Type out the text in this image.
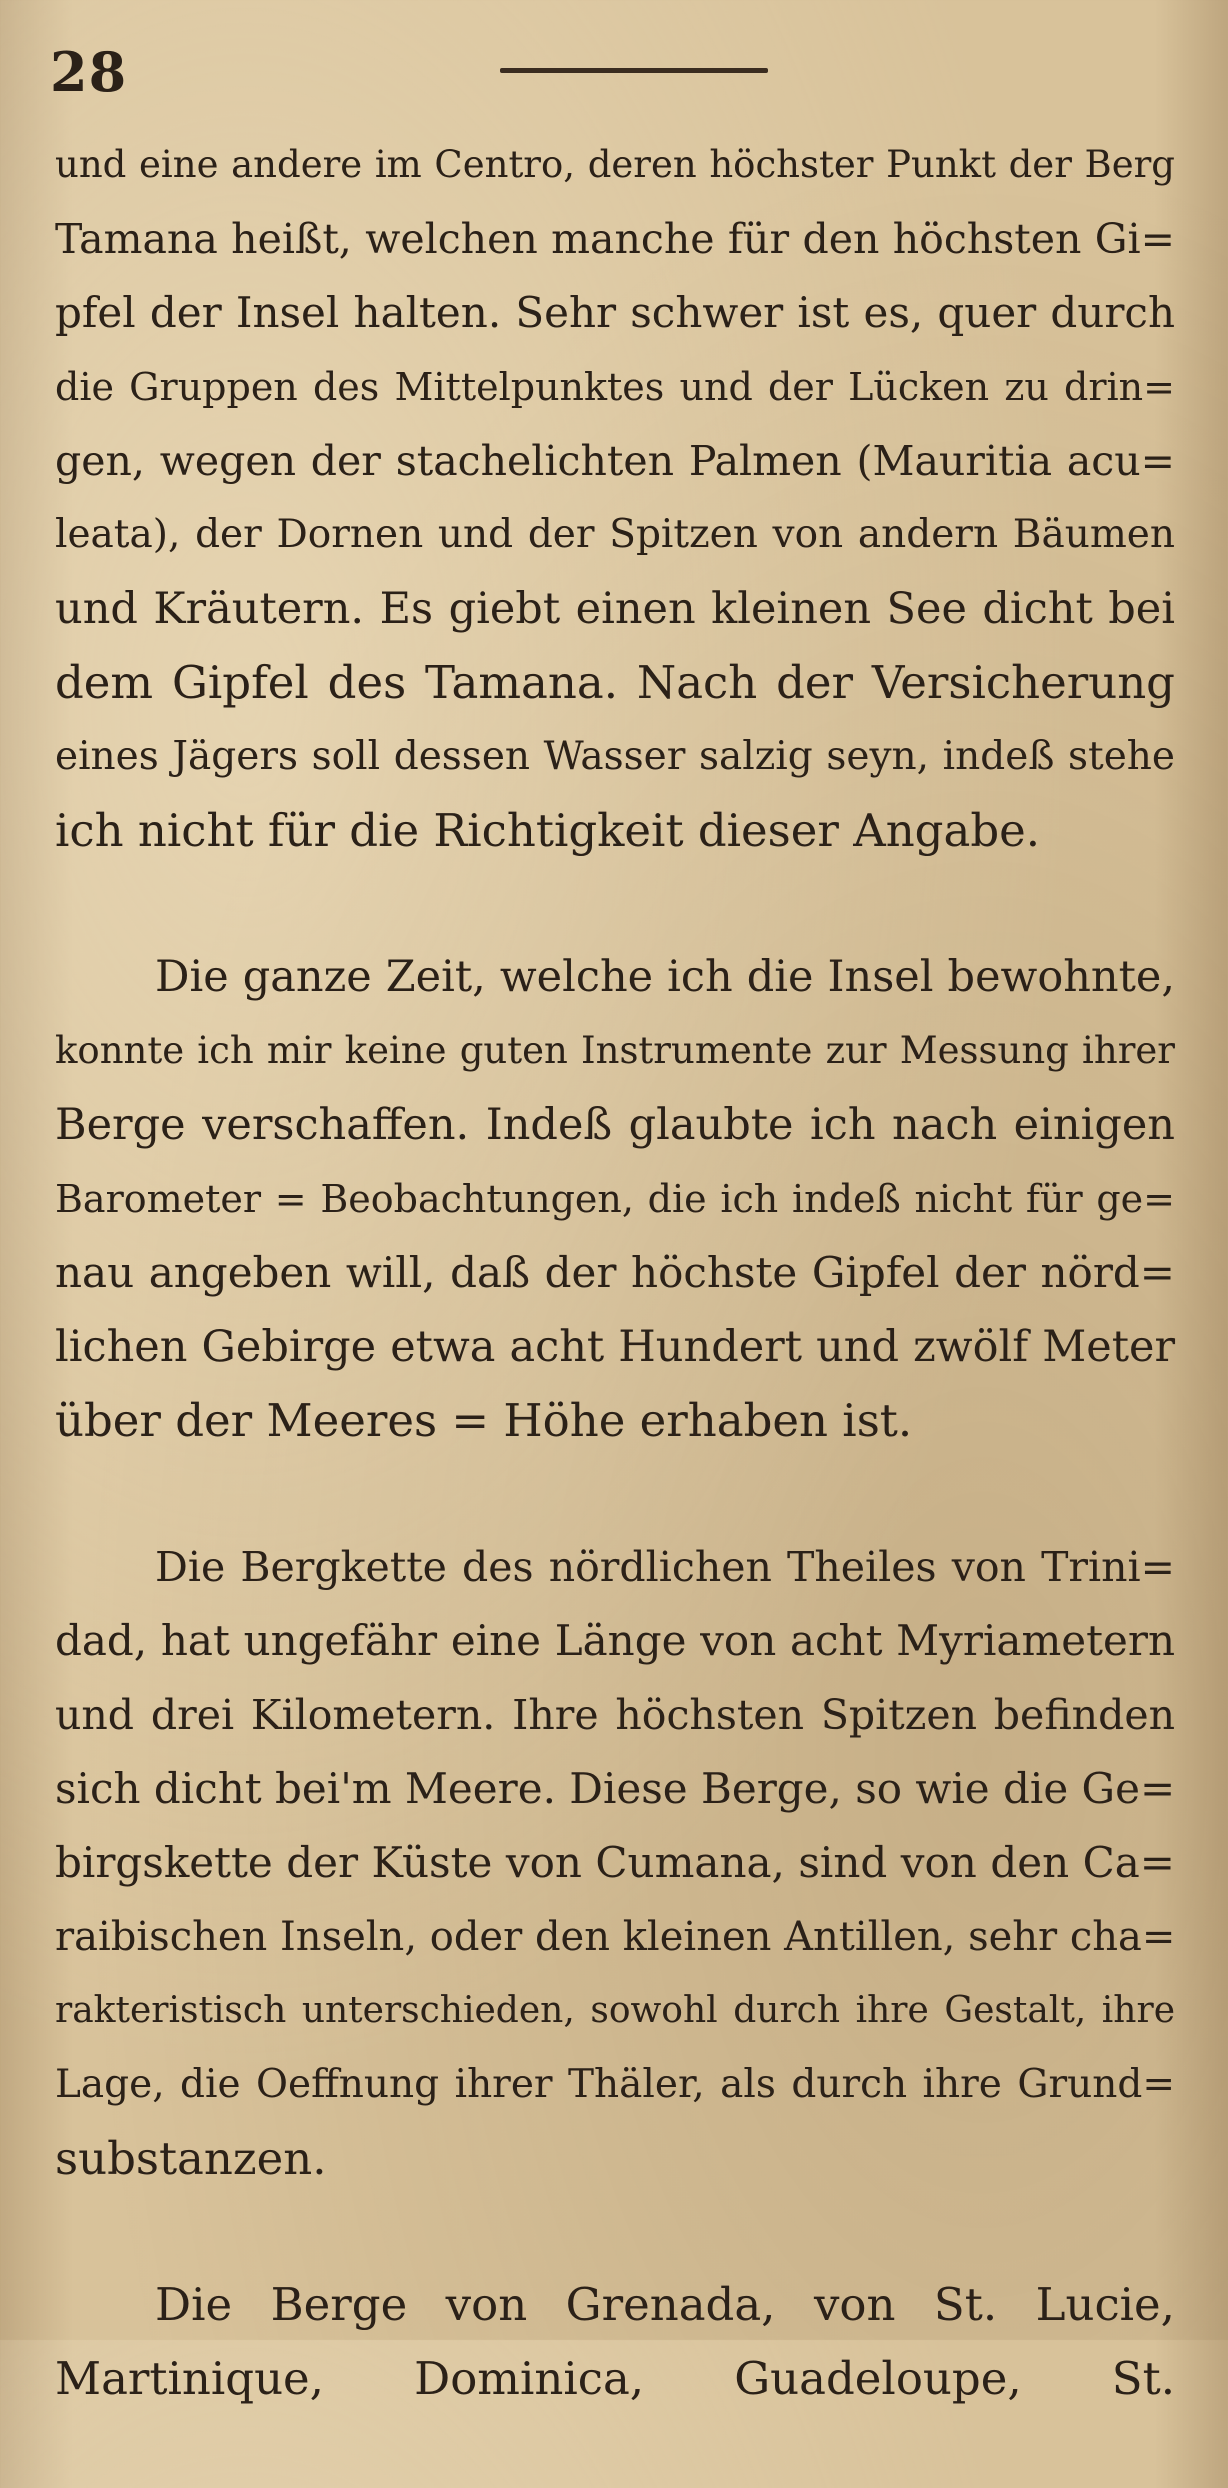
28
und eine andere im Centro, deren höchster Punkt der Berg
Tamana heißt, welchen manche für den höchsten Gi=
pfel der Insel halten. Sehr schwer ist es, quer durch
die Gruppen des Mittelpunktes und der Lücken zu drin=
gen, wegen der stachelichten Palmen (Mauritia acu=
leata), der Dornen und der Spitzen von andern Bäumen
und Kräutern. Es giebt einen kleinen See dicht bei
dem Gipfel des Tamana. Nach der Versicherung
eines Jägers soll dessen Wasser salzig seyn, indeß stehe
ich nicht für die Richtigkeit dieser Angabe.
Die ganze Zeit, welche ich die Insel bewohnte,
konnte ich mir keine guten Instrumente zur Messung ihrer
Berge verschaffen. Indeß glaubte ich nach einigen
Barometer = Beobachtungen, die ich indeß nicht für ge=
nau angeben will, daß der höchste Gipfel der nörd=
lichen Gebirge etwa acht Hundert und zwölf Meter
über der Meeres = Höhe erhaben ist.
Die Bergkette des nördlichen Theiles von Trini=
dad, hat ungefähr eine Länge von acht Myriametern
und drei Kilometern. Ihre höchsten Spitzen befinden
sich dicht bei'm Meere. Diese Berge, so wie die Ge=
birgskette der Küste von Cumana, sind von den Ca=
raibischen Inseln, oder den kleinen Antillen, sehr cha=
rakteristisch unterschieden, sowohl durch ihre Gestalt, ihre
Lage, die Oeffnung ihrer Thäler, als durch ihre Grund=
substanzen.
Die Berge von Grenada, von St. Lucie,
Martinique, Dominica, Guadeloupe, St.
